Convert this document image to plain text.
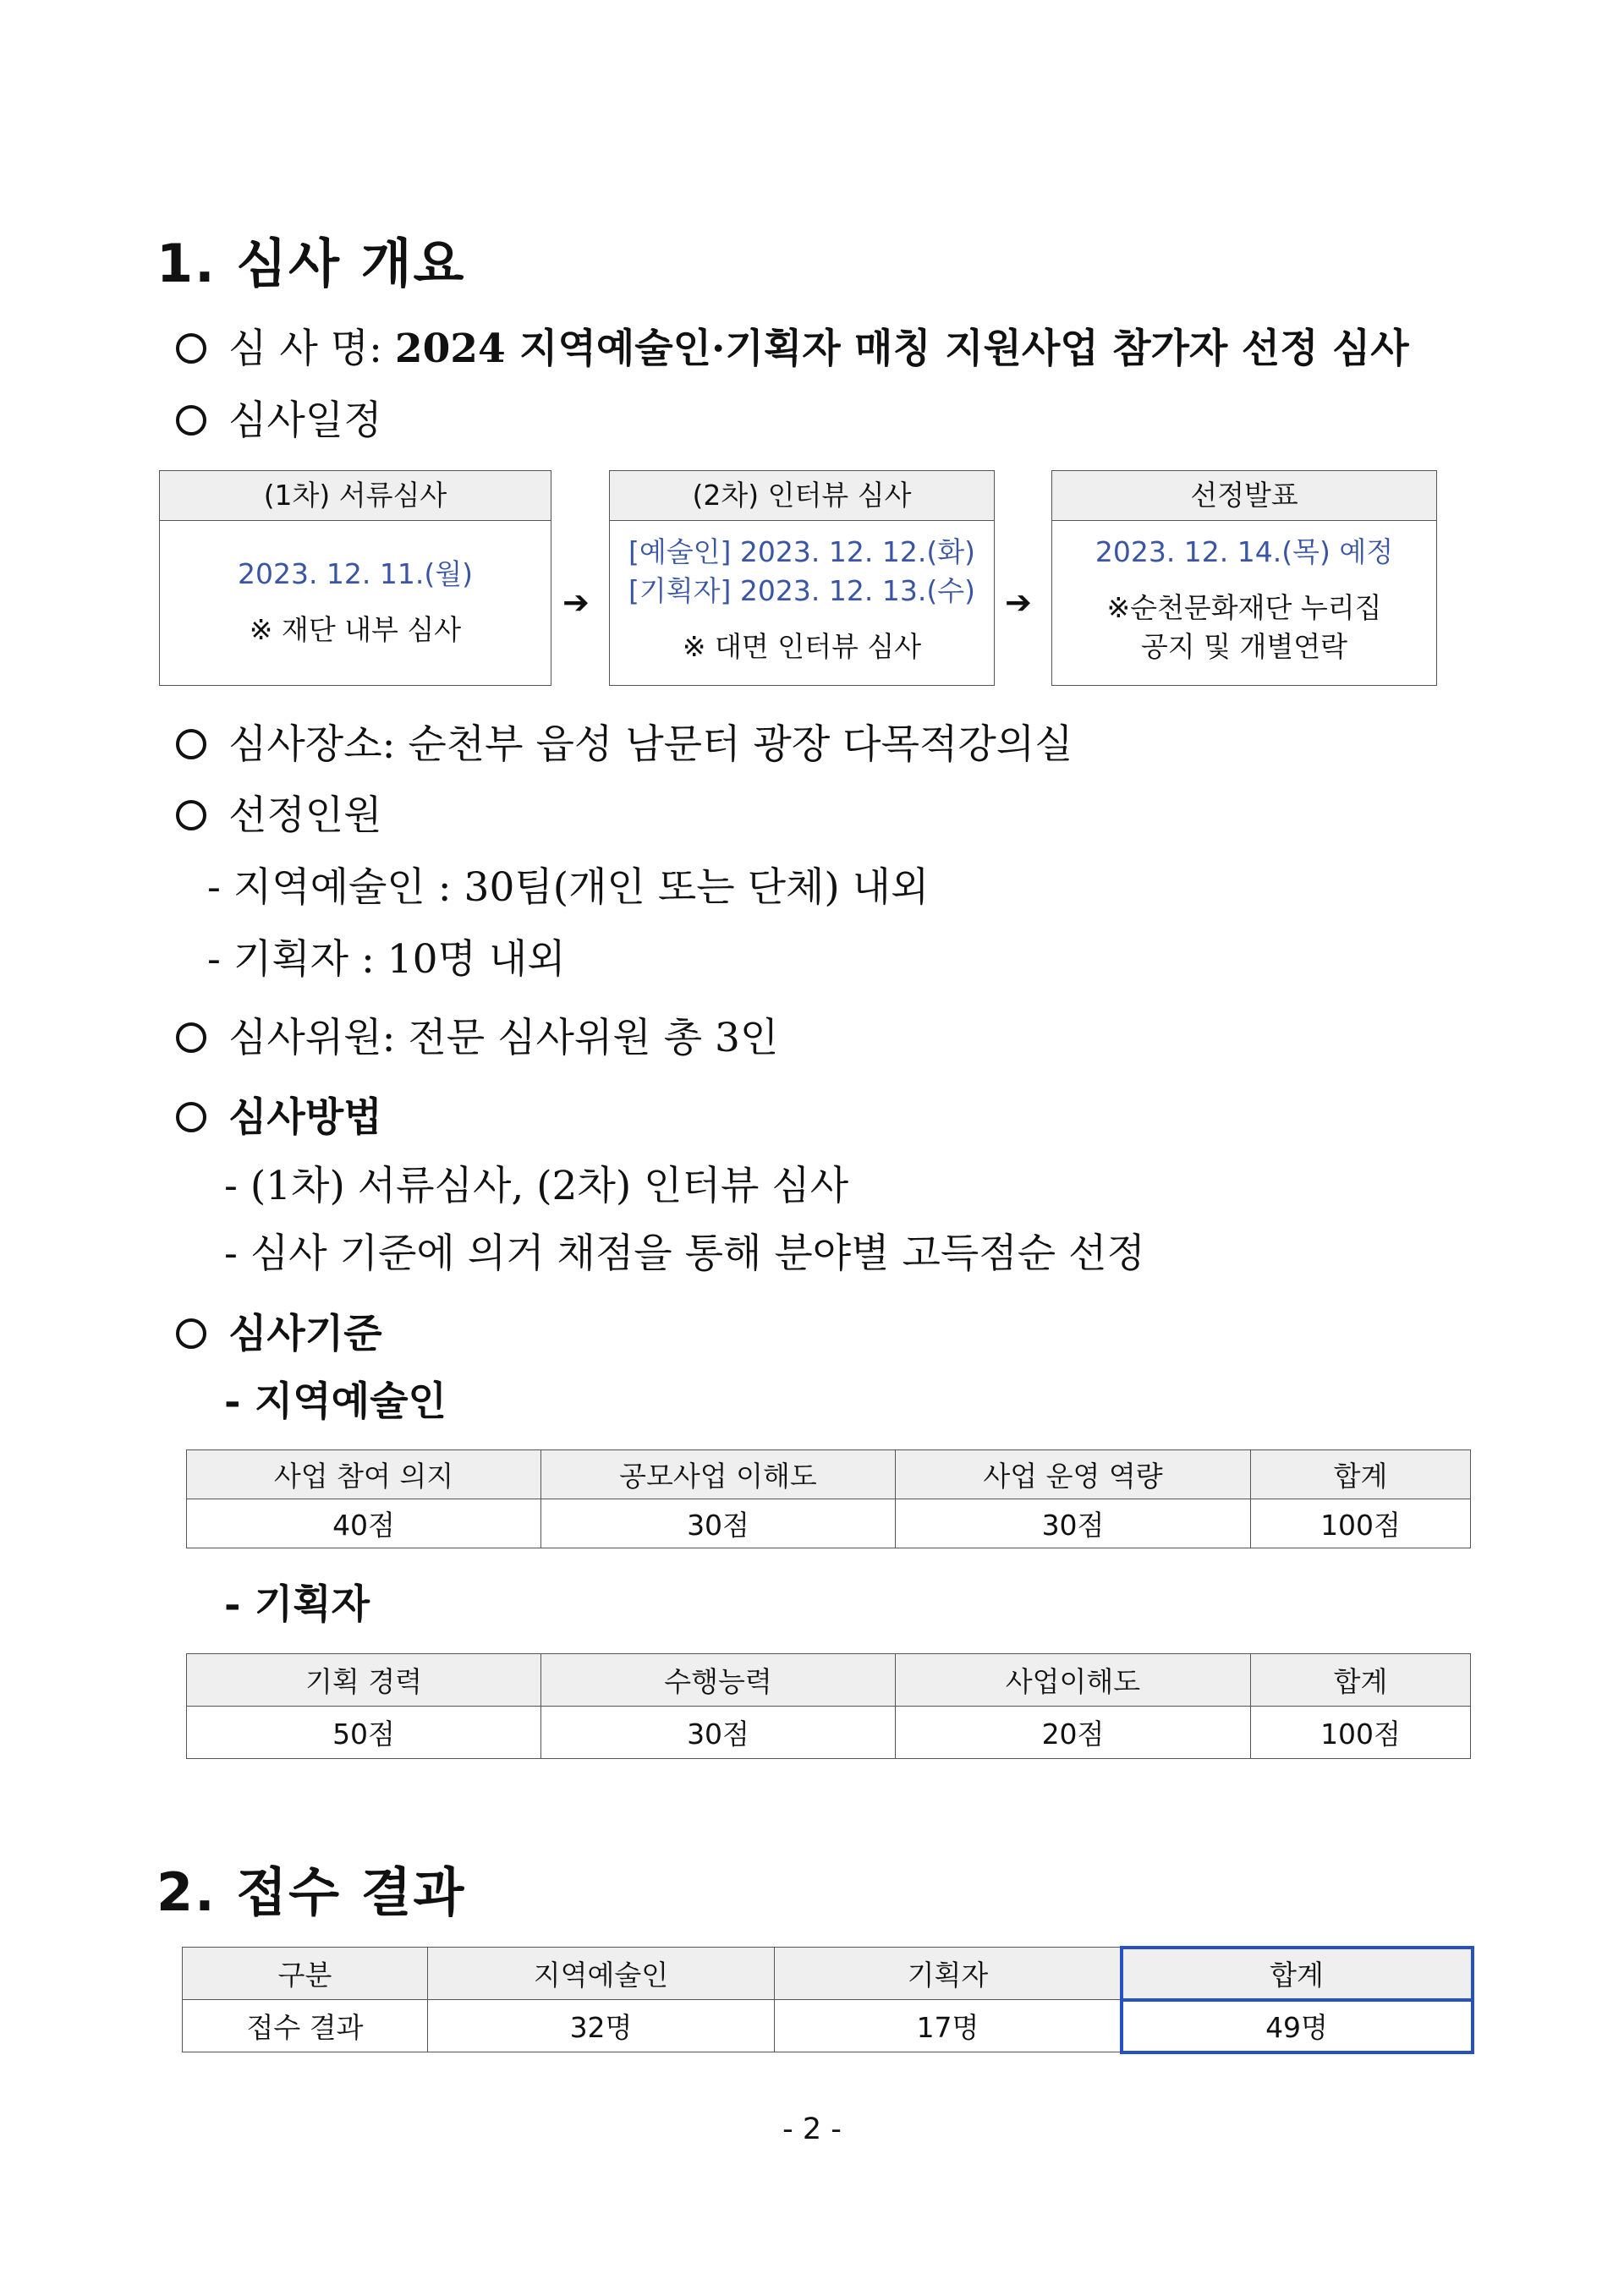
1. 심사 개요
심 사 명: 2024 지역예술인·기획자 매칭 지원사업 참가자 선정 심사
심사일정
(1차) 서류심사
2023. 12. 11.(월)
※ 재단 내부 심사
➔
(2차) 인터뷰 심사
[예술인] 2023. 12. 12.(화)
[기획자] 2023. 12. 13.(수)
※ 대면 인터뷰 심사
➔
선정발표
2023. 12. 14.(목) 예정
※순천문화재단 누리집
공지 및 개별연락
심사장소: 순천부 읍성 남문터 광장 다목적강의실
선정인원
- 지역예술인 : 30팀(개인 또는 단체) 내외
- 기획자 : 10명 내외
심사위원: 전문 심사위원 총 3인
심사방법
- (1차) 서류심사, (2차) 인터뷰 심사
- 심사 기준에 의거 채점을 통해 분야별 고득점순 선정
심사기준
- 지역예술인
사업 참여 의지	공모사업 이해도	사업 운영 역량	합계
40점	30점	30점	100점
- 기획자
기획 경력	수행능력	사업이해도	합계
50점	30점	20점	100점
2. 접수 결과
구분	지역예술인	기획자	합계
접수 결과	32명	17명	49명
- 2 -
